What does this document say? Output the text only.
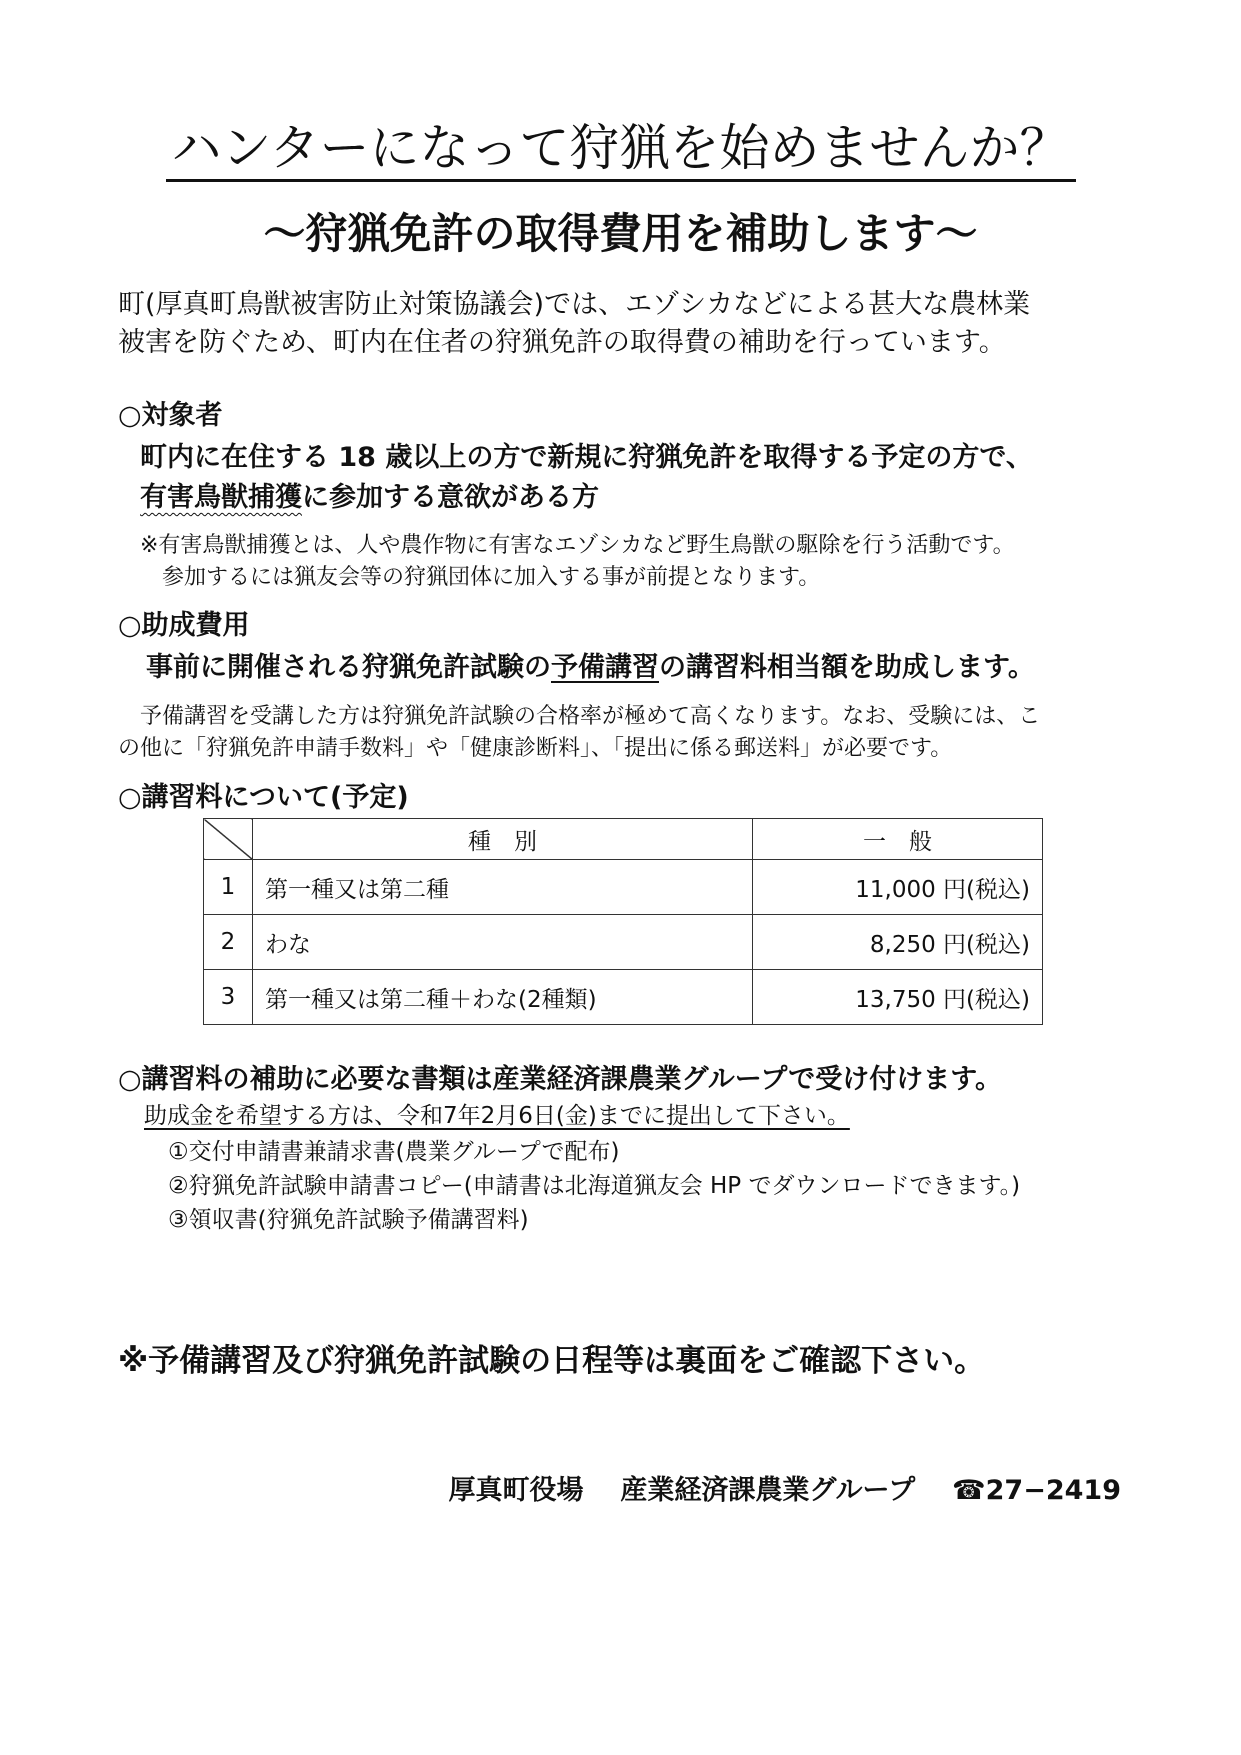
ハンターになって狩猟を始めませんか？
〜狩猟免許の取得費用を補助します〜
町(厚真町鳥獣被害防止対策協議会)では、エゾシカなどによる甚大な農林業
被害を防ぐため、町内在住者の狩猟免許の取得費の補助を行っています。
○対象者
町内に在住する 18 歳以上の方で新規に狩猟免許を取得する予定の方で、
有害鳥獣捕獲に参加する意欲がある方
※有害鳥獣捕獲とは、人や農作物に有害なエゾシカなど野生鳥獣の駆除を行う活動です。
参加するには猟友会等の狩猟団体に加入する事が前提となります。
○助成費用
事前に開催される狩猟免許試験の予備講習の講習料相当額を助成します。
予備講習を受講した方は狩猟免許試験の合格率が極めて高くなります。なお、受験には、こ
の他に「狩猟免許申請手数料」や「健康診断料」、「提出に係る郵送料」が必要です。
○講習料について(予定)
	種　別	一　般
1	第一種又は第二種	11,000 円(税込)
2	わな	8,250 円(税込)
3	第一種又は第二種＋わな(2種類)	13,750 円(税込)
○講習料の補助に必要な書類は産業経済課農業グループで受け付けます。
助成金を希望する方は、令和7年2月6日(金)までに提出して下さい。
①交付申請書兼請求書(農業グループで配布)
②狩猟免許試験申請書コピー(申請書は北海道猟友会 HP でダウンロードできます。)
③領収書(狩猟免許試験予備講習料)
※予備講習及び狩猟免許試験の日程等は裏面をご確認下さい。
厚真町役場 産業経済課農業グループ ☎27−2419
